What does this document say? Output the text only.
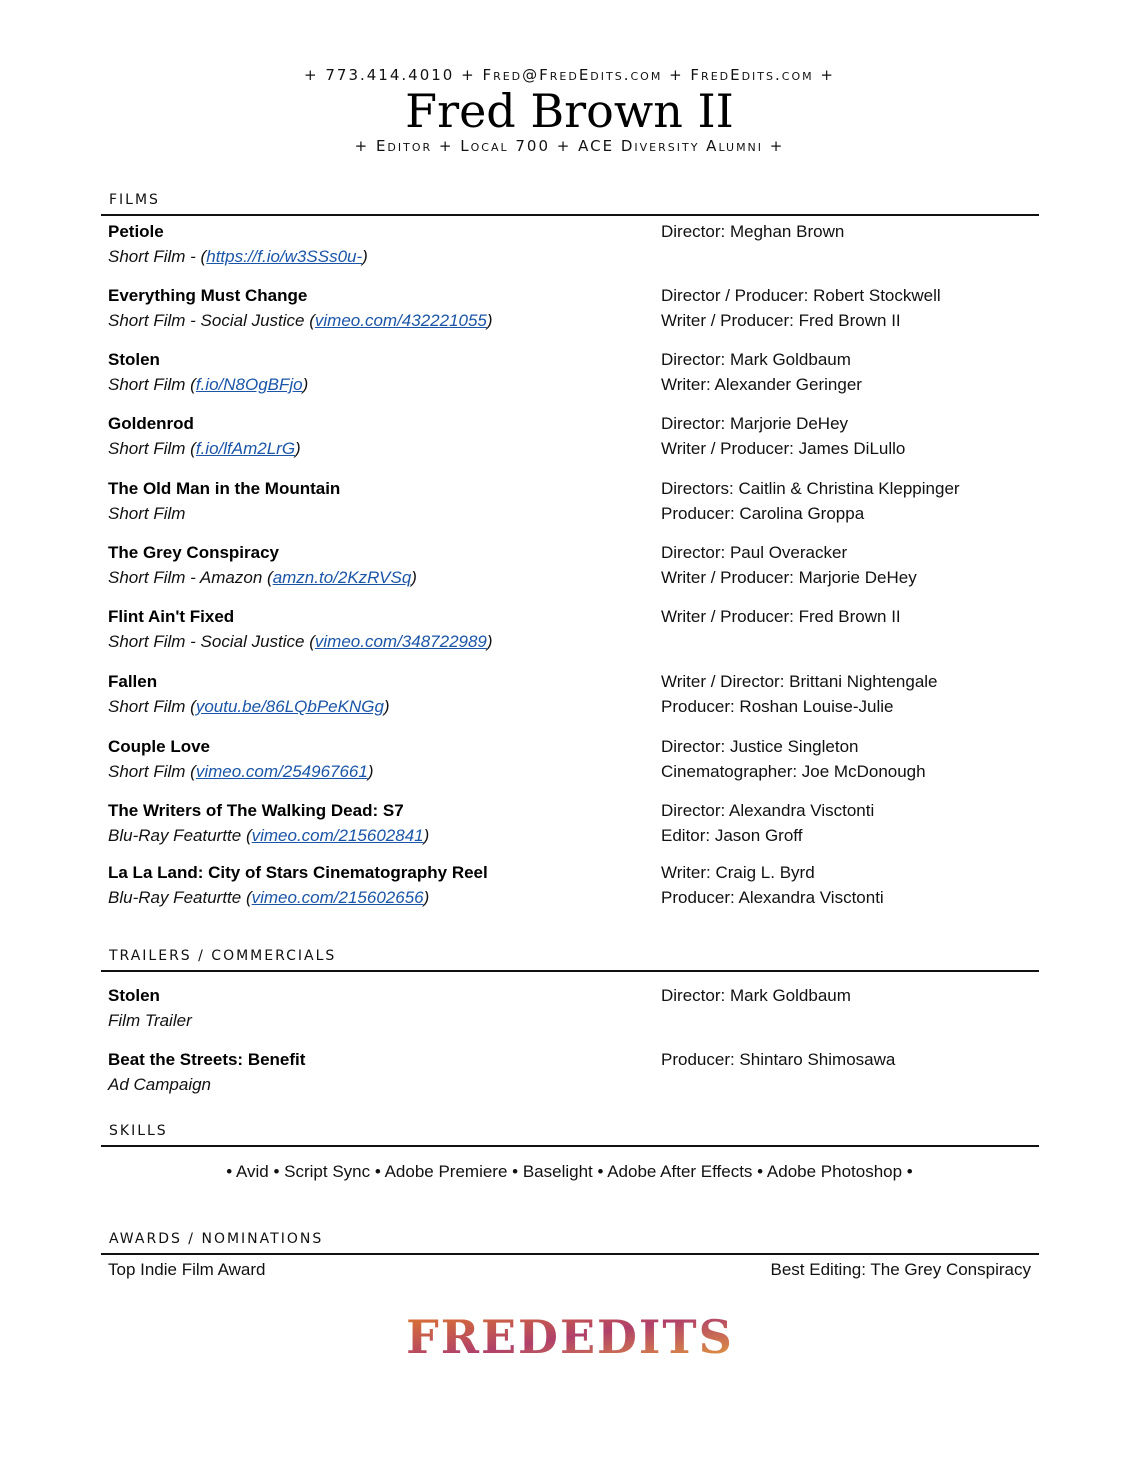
+ 773.414.4010 + Fred@FredEdits.com + FredEdits.com +
Fred Brown II
+ Editor + Local 700 + ACE Diversity Alumni +
FILMS
Petiole
Short Film - (https://f.io/w3SSs0u-)
Director: Meghan Brown
Everything Must Change
Short Film - Social Justice (vimeo.com/432221055)
Director / Producer: Robert Stockwell
Writer / Producer: Fred Brown II
Stolen
Short Film (f.io/N8OgBFjo)
Director: Mark Goldbaum
Writer: Alexander Geringer
Goldenrod
Short Film (f.io/lfAm2LrG)
Director: Marjorie DeHey
Writer / Producer: James DiLullo
The Old Man in the Mountain
Short Film
Directors: Caitlin & Christina Kleppinger
Producer: Carolina Groppa
The Grey Conspiracy
Short Film - Amazon (amzn.to/2KzRVSq)
Director: Paul Overacker
Writer / Producer: Marjorie DeHey
Flint Ain't Fixed
Short Film - Social Justice (vimeo.com/348722989)
Writer / Producer: Fred Brown II
Fallen
Short Film (youtu.be/86LQbPeKNGg)
Writer / Director: Brittani Nightengale
Producer: Roshan Louise-Julie
Couple Love
Short Film (vimeo.com/254967661)
Director: Justice Singleton
Cinematographer: Joe McDonough
The Writers of The Walking Dead: S7
Blu-Ray Featurtte (vimeo.com/215602841)
Director: Alexandra Visctonti
Editor: Jason Groff
La La Land: City of Stars Cinematography Reel
Blu-Ray Featurtte (vimeo.com/215602656)
Writer: Craig L. Byrd
Producer: Alexandra Visctonti
TRAILERS / COMMERCIALS
Stolen
Film Trailer
Director: Mark Goldbaum
Beat the Streets: Benefit
Ad Campaign
Producer: Shintaro Shimosawa
SKILLS
• Avid • Script Sync • Adobe Premiere • Baselight • Adobe After Effects • Adobe Photoshop •
AWARDS / NOMINATIONS
Top Indie Film Award	Best Editing: The Grey Conspiracy
FREDEDITS
